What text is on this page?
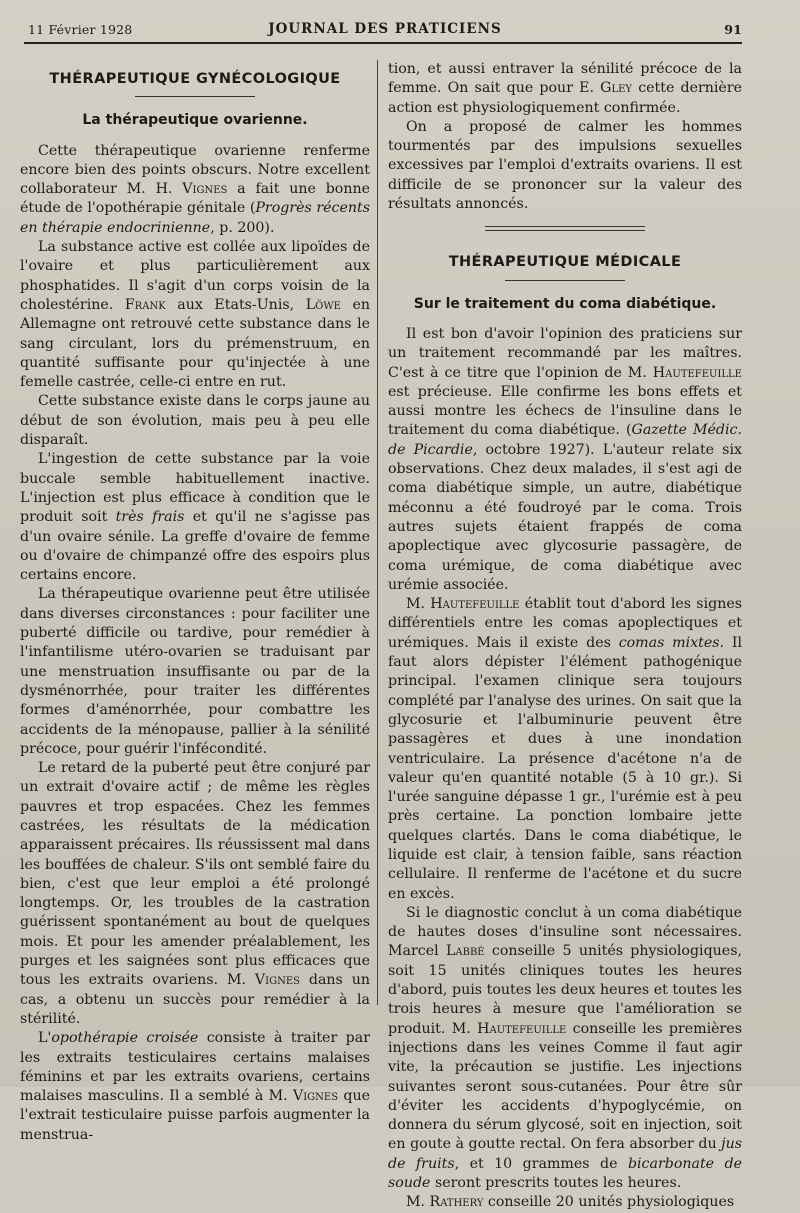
11 Février 1928	JOURNAL DES PRATICIENS	91
THÉRAPEUTIQUE GYNÉCOLOGIQUE
La thérapeutique ovarienne.

Cette thérapeutique ovarienne renferme encore bien des points obscurs. Notre excellent collaborateur M. H. Vignes a fait une bonne étude de l'opothérapie génitale (Progrès récents en thérapie endocrinienne, p. 200).

La substance active est collée aux lipoïdes de l'ovaire et plus particulièrement aux phosphatides. Il s'agit d'un corps voisin de la cholestérine. Frank aux Etats-Unis, Löwe en Allemagne ont retrouvé cette substance dans le sang circulant, lors du prémenstruum, en quantité suffisante pour qu'injectée à une femelle castrée, celle-ci entre en rut.

Cette substance existe dans le corps jaune au début de son évolution, mais peu à peu elle disparaît.

L'ingestion de cette substance par la voie buccale semble habituellement inactive. L'injection est plus efficace à condition que le produit soit très frais et qu'il ne s'agisse pas d'un ovaire sénile. La greffe d'ovaire de femme ou d'ovaire de chimpanzé offre des espoirs plus certains encore.

La thérapeutique ovarienne peut être utilisée dans diverses circonstances : pour faciliter une puberté difficile ou tardive, pour remédier à l'infantilisme utéro-ovarien se traduisant par une menstruation insuffisante ou par de la dysménorrhée, pour traiter les différentes formes d'aménorrhée, pour combattre les accidents de la ménopause, pallier à la sénilité précoce, pour guérir l'infécondité.

Le retard de la puberté peut être conjuré par un extrait d'ovaire actif ; de même les règles pauvres et trop espacées. Chez les femmes castrées, les résultats de la médication apparaissent précaires. Ils réussissent mal dans les bouffées de chaleur. S'ils ont semblé faire du bien, c'est que leur emploi a été prolongé longtemps. Or, les troubles de la castration guérissent spontanément au bout de quelques mois. Et pour les amender préalablement, les purges et les saignées sont plus efficaces que tous les extraits ovariens. M. Vignes dans un cas, a obtenu un succès pour remédier à la stérilité.

L'opothérapie croisée consiste à traiter par les extraits testiculaires certains malaises féminins et par les extraits ovariens, certains malaises masculins. Il a semblé à M. Vignes que l'extrait testiculaire puisse parfois augmenter la menstrua-

tion, et aussi entraver la sénilité précoce de la femme. On sait que pour E. Gley cette dernière action est physiologiquement confirmée.

On a proposé de calmer les hommes tourmentés par des impulsions sexuelles excessives par l'emploi d'extraits ovariens. Il est difficile de se prononcer sur la valeur des résultats annoncés.

THÉRAPEUTIQUE MÉDICALE
Sur le traitement du coma diabétique.

Il est bon d'avoir l'opinion des praticiens sur un traitement recommandé par les maîtres. C'est à ce titre que l'opinion de M. Hautefeuille est précieuse. Elle confirme les bons effets et aussi montre les échecs de l'insuline dans le traitement du coma diabétique. (Gazette Médic. de Picardie, octobre 1927). L'auteur relate six observations. Chez deux malades, il s'est agi de coma diabétique simple, un autre, diabétique méconnu a été foudroyé par le coma. Trois autres sujets étaient frappés de coma apoplectique avec glycosurie passagère, de coma urémique, de coma diabétique avec urémie associée.

M. Hautefeuille établit tout d'abord les signes différentiels entre les comas apoplectiques et urémiques. Mais il existe des comas mixtes. Il faut alors dépister l'élément pathogénique principal. l'examen clinique sera toujours complété par l'analyse des urines. On sait que la glycosurie et l'albuminurie peuvent être passagères et dues à une inondation ventriculaire. La présence d'acétone n'a de valeur qu'en quantité notable (5 à 10 gr.). Si l'urée sanguine dépasse 1 gr., l'urémie est à peu près certaine. La ponction lombaire jette quelques clartés. Dans le coma diabétique, le liquide est clair, à tension faible, sans réaction cellulaire. Il renferme de l'acétone et du sucre en excès.

Si le diagnostic conclut à un coma diabétique de hautes doses d'insuline sont nécessaires. Marcel Labbé conseille 5 unités physiologiques, soit 15 unités cliniques toutes les heures d'abord, puis toutes les deux heures et toutes les trois heures à mesure que l'amélioration se produit. M. Hautefeuille conseille les premières injections dans les veines Comme il faut agir vite, la précaution se justifie. Les injections suivantes seront sous-cutanées. Pour être sûr d'éviter les accidents d'hypoglycémie, on donnera du sérum glycosé, soit en injection, soit en goute à goutte rectal. On fera absorber du jus de fruits, et 10 grammes de bicarbonate de soude seront prescrits toutes les heures.

M. Rathery conseille 20 unités physiologiques
